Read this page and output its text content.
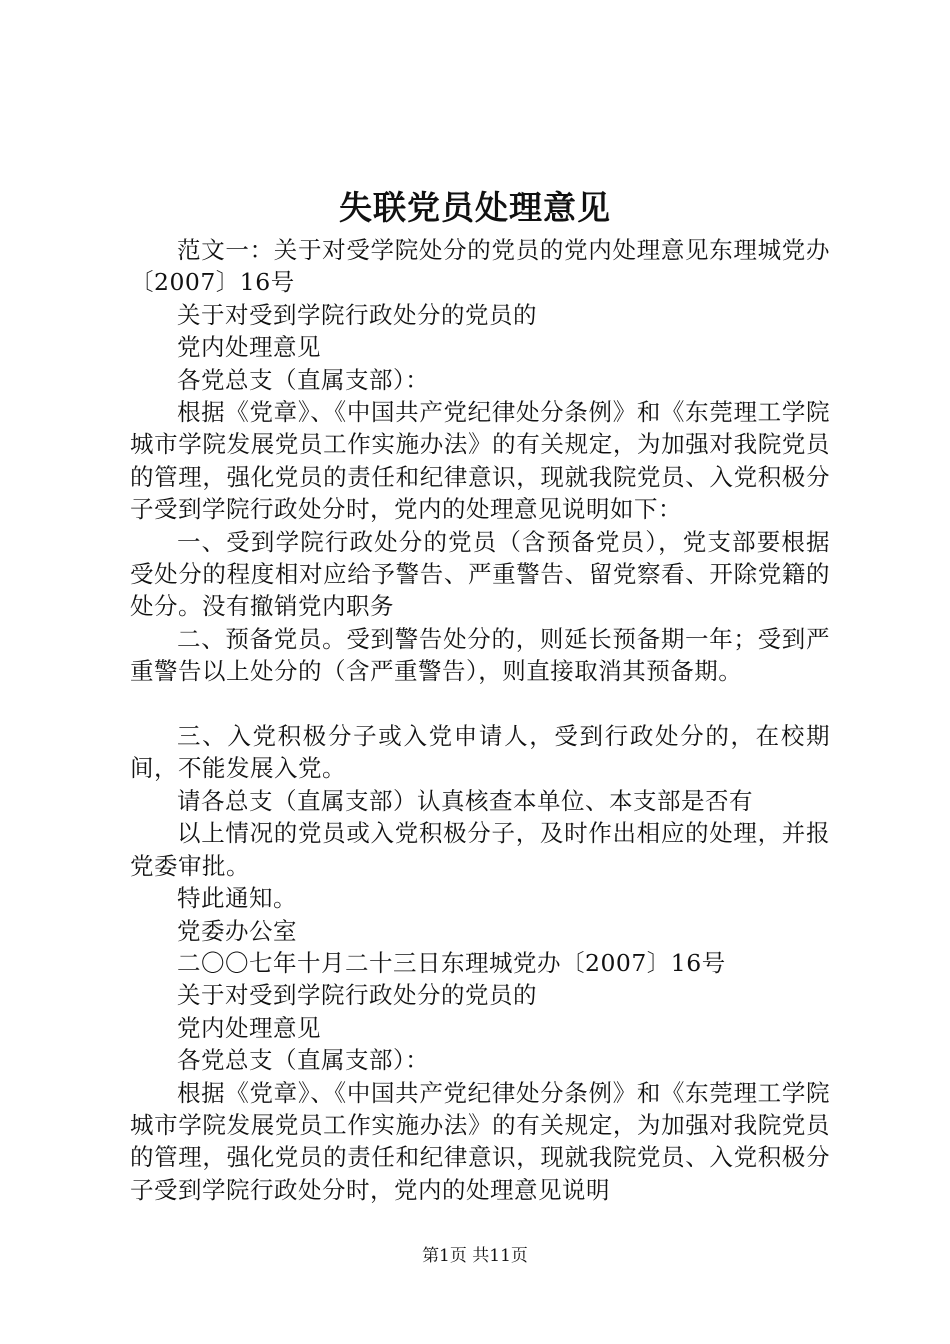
失联党员处理意见

范文一：关于对受学院处分的党员的党内处理意见东理城党办〔2007〕16号

关于对受到学院行政处分的党员的

党内处理意见

各党总支（直属支部）：

根据《党章》、《中国共产党纪律处分条例》和《东莞理工学院城市学院发展党员工作实施办法》的有关规定，为加强对我院党员的管理，强化党员的责任和纪律意识，现就我院党员、入党积极分子受到学院行政处分时，党内的处理意见说明如下：

一、受到学院行政处分的党员（含预备党员），党支部要根据受处分的程度相对应给予警告、严重警告、留党察看、开除党籍的处分。没有撤销党内职务

二、预备党员。受到警告处分的，则延长预备期一年；受到严重警告以上处分的（含严重警告），则直接取消其预备期。

三、入党积极分子或入党申请人，受到行政处分的，在校期间，不能发展入党。

请各总支（直属支部）认真核查本单位、本支部是否有

以上情况的党员或入党积极分子，及时作出相应的处理，并报党委审批。

特此通知。

党委办公室

二〇〇七年十月二十三日东理城党办〔2007〕16号

关于对受到学院行政处分的党员的

党内处理意见

各党总支（直属支部）：

根据《党章》、《中国共产党纪律处分条例》和《东莞理工学院城市学院发展党员工作实施办法》的有关规定，为加强对我院党员的管理，强化党员的责任和纪律意识，现就我院党员、入党积极分子受到学院行政处分时，党内的处理意见说明

第1页 共11页
